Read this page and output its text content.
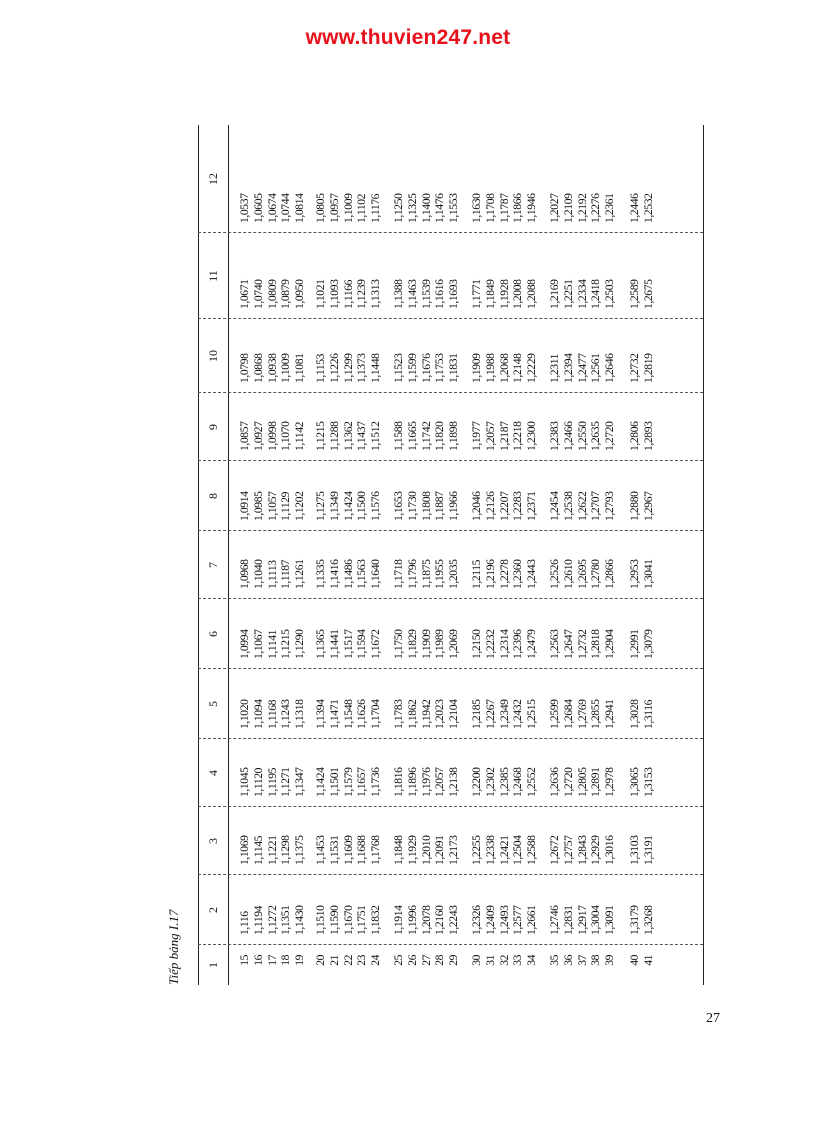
www.thuvien247.net
Tiếp bảng I.17 1
2
3
4
5
6
7
8
9
10
11
12
15 16 17 18 19
1,116 1,1194 1,1272 1,1351 1,1430
1,1069 1,1145 1,1221 1,1298 1,1375
1,1045 1,1120 1,1195 1,1271 1,1347
1,1020 1,1094 1,1168 1,1243 1,1318
1,0994 1,1067 1,1141 1,1215 1,1290
1,0968 1,1040 1,1113 1,1187 1,1261
1,0914 1,0985 1,1057 1,1129 1,1202
1,0857 1,0927 1,0998 1,1070 1,1142
1,0798 1,0868 1,0938 1,1009 1,1081
1,0671 1,0740 1,0809 1,0879 1,0950
1,0537 1,0605 1,0674 1,0744 1,0814
20 21 22 23 24
1,1510 1,1590 1,1670 1,1751 1,1832
1,1453 1,1531 1,1609 1,1688 1,1768
1,1424 1,1501 1,1579 1,1657 1,1736
1,1394 1,1471 1,1548 1,1626 1,1704
1,1365 1,1441 1,1517 1,1594 1,1672
1,1335 1,1416 1,1486 1,1563 1,1640
1,1275 1,1349 1,1424 1,1500 1,1576
1,1215 1,1288 1,1362 1,1437 1,1512
1,1153 1,1226 1,1299 1,1373 1,1448
1,1021 1,1093 1,1166 1,1239 1,1313
1,0805 1,0957 1,1009 1,1102 1,1176
25 26 27 28 29
1,1914 1,1996 1,2078 1,2160 1,2243
1,1848 1,1929 1,2010 1,2091 1,2173
1,1816 1,1896 1,1976 1,2057 1,2138
1,1783 1,1862 1,1942 1,2023 1,2104
1,1750 1,1829 1,1909 1,1989 1,2069
1,1718 1,1796 1,1875 1,1955 1,2035
1,1653 1,1730 1,1808 1,1887 1,1966
1,1588 1,1665 1,1742 1,1820 1,1898
1,1523 1,1599 1,1676 1,1753 1,1831
1,1388 1,1463 1,1539 1,1616 1,1693
1,1250 1,1325 1,1400 1,1476 1,1553
30 31 32 33 34
1,2326 1,2409 1,2493 1,2577 1,2661
1,2255 1,2338 1,2421 1,2504 1,2588
1,2200 1,2302 1,2385 1,2468 1,2552
1,2185 1,2267 1,2349 1,2432 1,2515
1,2150 1,2232 1,2314 1,2396 1,2479
1,2115 1,2196 1,2278 1,2360 1,2443
1,2046 1,2126 1,2207 1,2283 1,2371
1,1977 1,2057 1,2187 1,2218 1,2300
1,1909 1,1988 1,2068 1,2148 1,2229
1,1771 1,1849 1,1928 1,2008 1,2088
1,1630 1,1708 1,1787 1,1866 1,1946
35 36 37 38 39
1,2746 1,2831 1,2917 1,3004 1,3091
1,2672 1,2757 1,2843 1,2929 1,3016
1,2636 1,2720 1,2805 1,2891 1,2978
1,2599 1,2684 1,2769 1,2855 1,2941
1,2563 1,2647 1,2732 1,2818 1,2904
1,2526 1,2610 1,2695 1,2780 1,2866
1,2454 1,2538 1,2622 1,2707 1,2793
1,2383 1,2466 1,2550 1,2635 1,2720
1,2311 1,2394 1,2477 1,2561 1,2646
1,2169 1,2251 1,2334 1,2418 1,2503
1,2027 1,2109 1,2192 1,2276 1,2361
40 41
1,3179 1,3268
1,3103 1,3191
1,3065 1,3153
1,3028 1,3116
1,2991 1,3079
1,2953 1,3041
1,2880 1,2967
1,2806 1,2893
1,2732 1,2819
1,2589 1,2675
1,2446 1,2532
27
